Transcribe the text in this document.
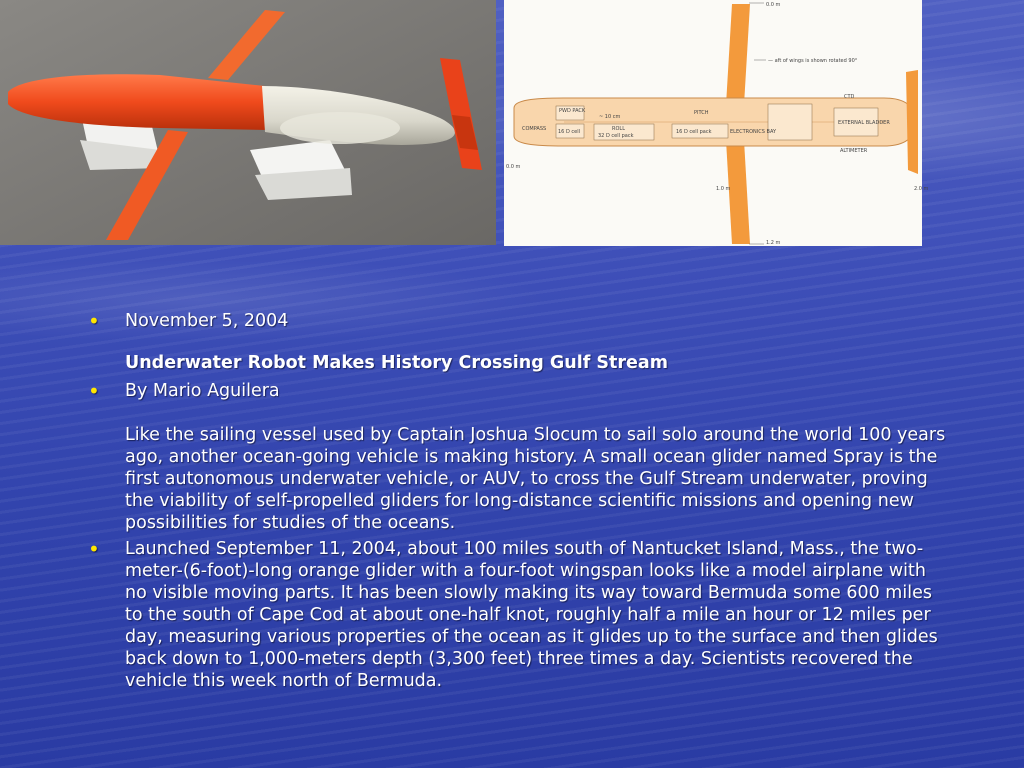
0.0 m
— aft of wings is shown rotated 90°
CTD
PWD PACK
~ 10 cm
PITCH
COMPASS 16 D cell	ROLL
32 D cell pack
16 D cell pack	ELECTRONICS BAY
EXTERNAL BLADDER
ALTIMETER
1.0 m	2.0 m
0.0 m
1.2 m
• November 5, 2004
Underwater Robot Makes History Crossing Gulf Stream
• By Mario Aguilera
Like the sailing vessel used by Captain Joshua Slocum to sail solo around the world 100 years ago, another ocean-going vehicle is making history. A small ocean glider named Spray is the first autonomous underwater vehicle, or AUV, to cross the Gulf Stream underwater, proving the viability of self-propelled gliders for long-distance scientific missions and opening new possibilities for studies of the oceans.
• Launched September 11, 2004, about 100 miles south of Nantucket Island, Mass., the two-meter-(6-foot)-long orange glider with a four-foot wingspan looks like a model airplane with no visible moving parts. It has been slowly making its way toward Bermuda some 600 miles to the south of Cape Cod at about one-half knot, roughly half a mile an hour or 12 miles per day, measuring various properties of the ocean as it glides up to the surface and then glides back down to 1,000-meters depth (3,300 feet) three times a day. Scientists recovered the vehicle this week north of Bermuda.
